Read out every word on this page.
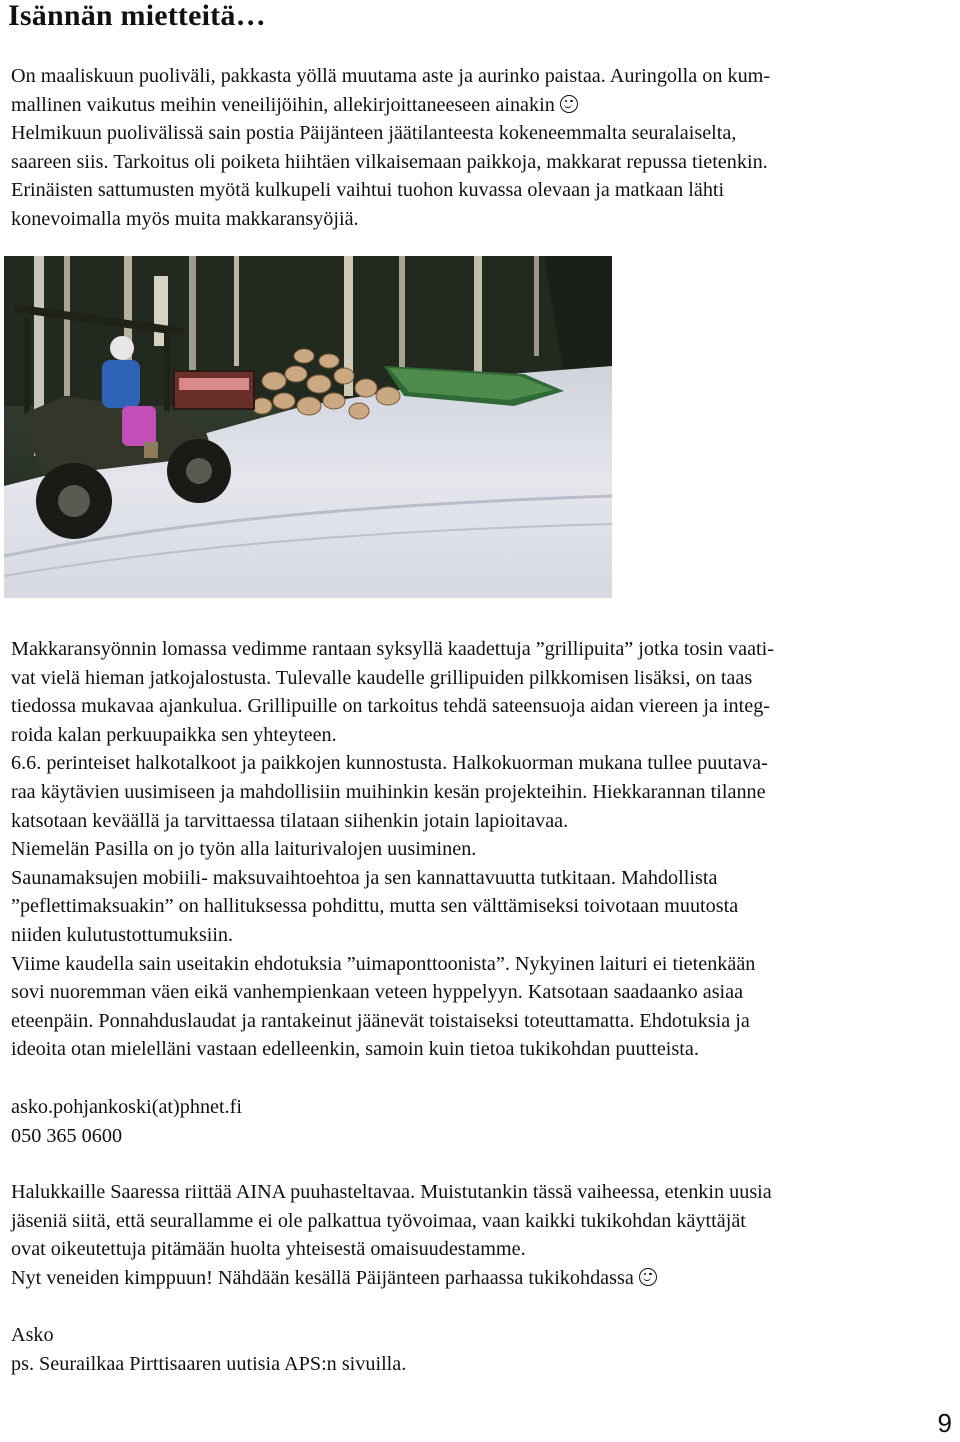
Isännän mietteitä…
On maaliskuun puoliväli, pakkasta yöllä muutama aste ja aurinko paistaa. Auringolla on kum-
mallinen vaikutus meihin veneilijöihin, allekirjoittaneeseen ainakin
Helmikuun puolivälissä sain postia Päijänteen jäätilanteesta kokeneemmalta seuralaiselta,
saareen siis. Tarkoitus oli poiketa hiihtäen vilkaisemaan paikkoja, makkarat repussa tietenkin.
Erinäisten sattumusten myötä kulkupeli vaihtui tuohon kuvassa olevaan ja matkaan lähti
konevoimalla myös muita makkaransyöjiä.
Makkaransyönnin lomassa vedimme rantaan syksyllä kaadettuja ”grillipuita” jotka tosin vaati-
vat vielä hieman jatkojalostusta. Tulevalle kaudelle grillipuiden pilkkomisen lisäksi, on taas
tiedossa mukavaa ajankulua. Grillipuille on tarkoitus tehdä sateensuoja aidan viereen ja integ-
roida kalan perkuupaikka sen yhteyteen.
6.6. perinteiset halkotalkoot ja paikkojen kunnostusta. Halkokuorman mukana tullee puutava-
raa käytävien uusimiseen ja mahdollisiin muihinkin kesän projekteihin. Hiekkarannan tilanne
katsotaan keväällä ja tarvittaessa tilataan siihenkin jotain lapioitavaa.
Niemelän Pasilla on jo työn alla laiturivalojen uusiminen.
Saunamaksujen mobiili- maksuvaihtoehtoa ja sen kannattavuutta tutkitaan. Mahdollista
”peflettimaksuakin” on hallituksessa pohdittu, mutta sen välttämiseksi toivotaan muutosta
niiden kulutustottumuksiin.
Viime kaudella sain useitakin ehdotuksia ”uimaponttoonista”. Nykyinen laituri ei tietenkään
sovi nuoremman väen eikä vanhempienkaan veteen hyppelyyn. Katsotaan saadaanko asiaa
eteenpäin. Ponnahduslaudat ja rantakeinut jäänevät toistaiseksi toteuttamatta. Ehdotuksia ja
ideoita otan mielelläni vastaan edelleenkin, samoin kuin tietoa tukikohdan puutteista.
asko.pohjankoski(at)phnet.fi
050 365 0600
Halukkaille Saaressa riittää AINA puuhasteltavaa. Muistutankin tässä vaiheessa, etenkin uusia
jäseniä siitä, että seurallamme ei ole palkattua työvoimaa, vaan kaikki tukikohdan käyttäjät
ovat oikeutettuja pitämään huolta yhteisestä omaisuudestamme.
Nyt veneiden kimppuun! Nähdään kesällä Päijänteen parhaassa tukikohdassa
Asko
ps. Seurailkaa Pirttisaaren uutisia APS:n sivuilla.
9
